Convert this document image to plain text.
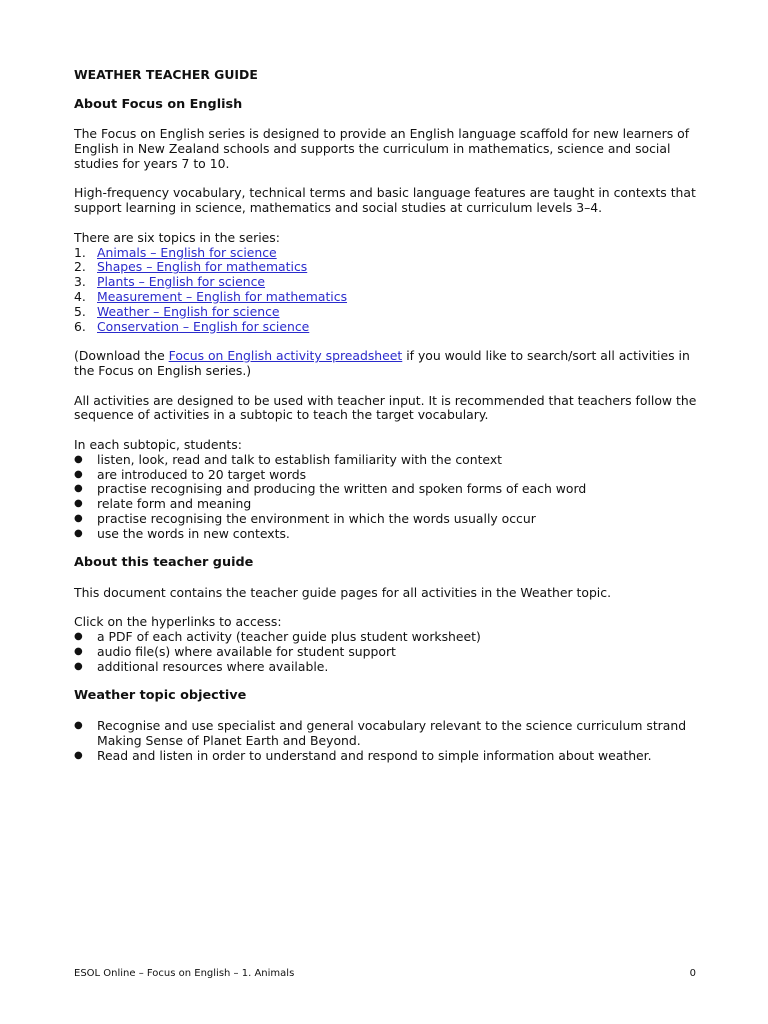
WEATHER TEACHER GUIDE
About Focus on English

The Focus on English series is designed to provide an English language scaffold for new learners of English in New Zealand schools and supports the curriculum in mathematics, science and social studies for years 7 to 10.

High-frequency vocabulary, technical terms and basic language features are taught in contexts that support learning in science, mathematics and social studies at curriculum levels 3–4.

There are six topics in the series:

1. Animals – English for science
2. Shapes – English for mathematics
3. Plants – English for science
4. Measurement – English for mathematics
5. Weather – English for science
6. Conservation – English for science

(Download the Focus on English activity spreadsheet if you would like to search/sort all activities in the Focus on English series.)

All activities are designed to be used with teacher input. It is recommended that teachers follow the sequence of activities in a subtopic to teach the target vocabulary.

In each subtopic, students:

●	listen, look, read and talk to establish familiarity with the context
●	are introduced to 20 target words
●	practise recognising and producing the written and spoken forms of each word
●	relate form and meaning
●	practise recognising the environment in which the words usually occur
●	use the words in new contexts.
About this teacher guide

This document contains the teacher guide pages for all activities in the Weather topic.

Click on the hyperlinks to access:

●	a PDF of each activity (teacher guide plus student worksheet)
●	audio file(s) where available for student support
●	additional resources where available.
Weather topic objective
●	Recognise and use specialist and general vocabulary relevant to the science curriculum strand Making Sense of Planet Earth and Beyond.
●	Read and listen in order to understand and respond to simple information about weather.
ESOL Online – Focus on English – 1. Animals	0
